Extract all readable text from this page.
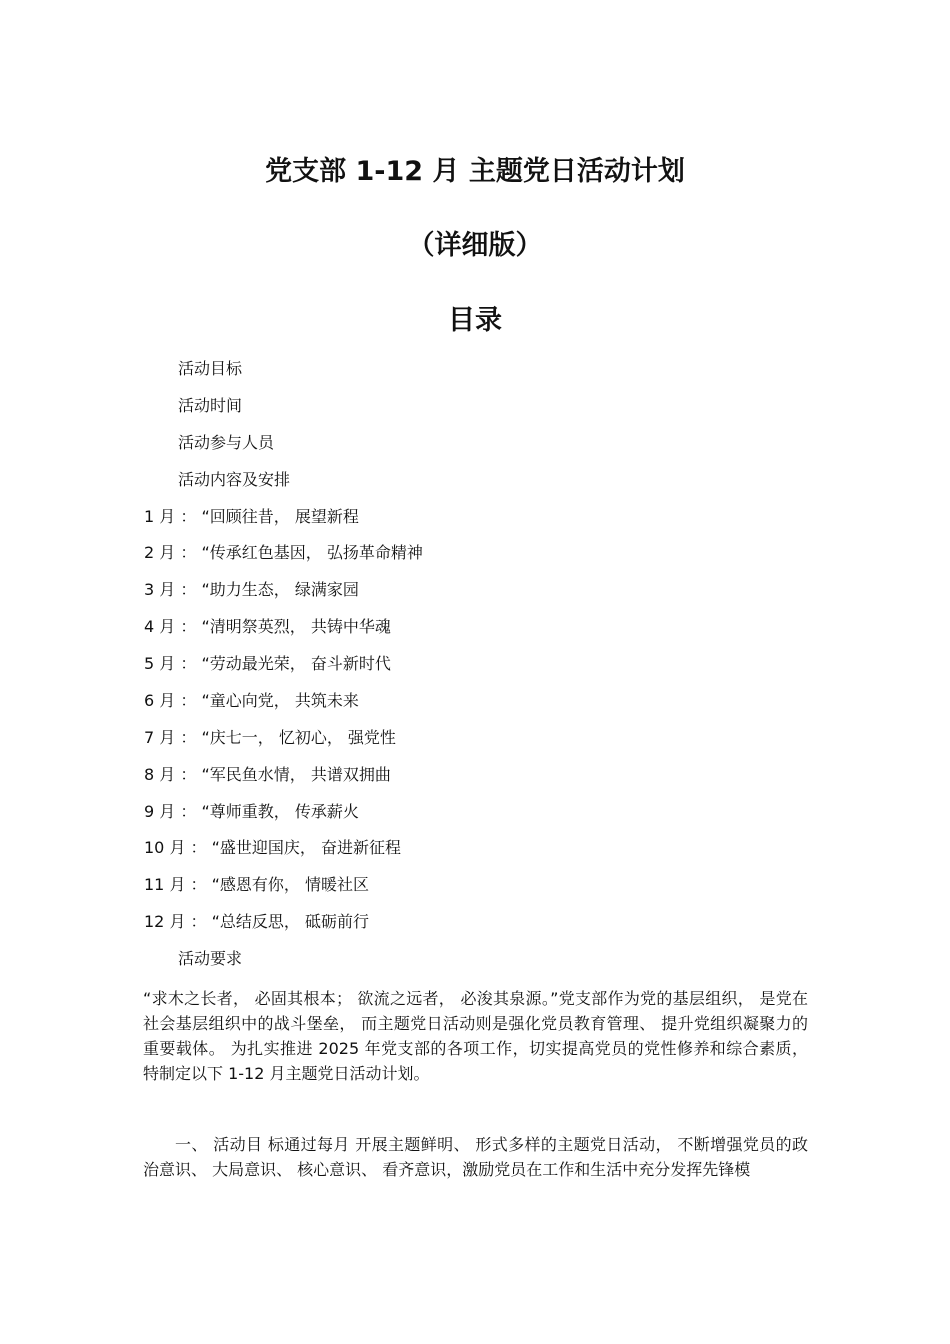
党支部 1-12 月 主题党日活动计划
（详细版）
目录
活动目标
活动时间
活动参与人员
活动内容及安排
1 月 ： “回顾往昔， 展望新程
2 月 ： “传承红色基因， 弘扬革命精神
3 月 ： “助力生态， 绿满家园
4 月 ： “清明祭英烈， 共铸中华魂
5 月 ： “劳动最光荣， 奋斗新时代
6 月 ： “童心向党， 共筑未来
7 月 ： “庆七一， 忆初心， 强党性
8 月 ： “军民鱼水情， 共谱双拥曲
9 月 ： “尊师重教， 传承薪火
10 月 ： “盛世迎国庆， 奋进新征程
11 月 ： “感恩有你， 情暖社区
12 月 ： “总结反思， 砥砺前行
活动要求
“求木之长者， 必固其根本； 欲流之远者， 必浚其泉源。”党支部作为党的基层组织， 是党在社会基层组织中的战斗堡垒， 而主题党日活动则是强化党员教育管理、 提升党组织凝聚力的重要载体。 为扎实推进 2025 年党支部的各项工作，切实提高党员的党性修养和综合素质， 特制定以下 1-12 月主题党日活动计划。
一、 活动目 标通过每月 开展主题鲜明、 形式多样的主题党日活动， 不断增强党员的政治意识、 大局意识、 核心意识、 看齐意识，激励党员在工作和生活中充分发挥先锋模
